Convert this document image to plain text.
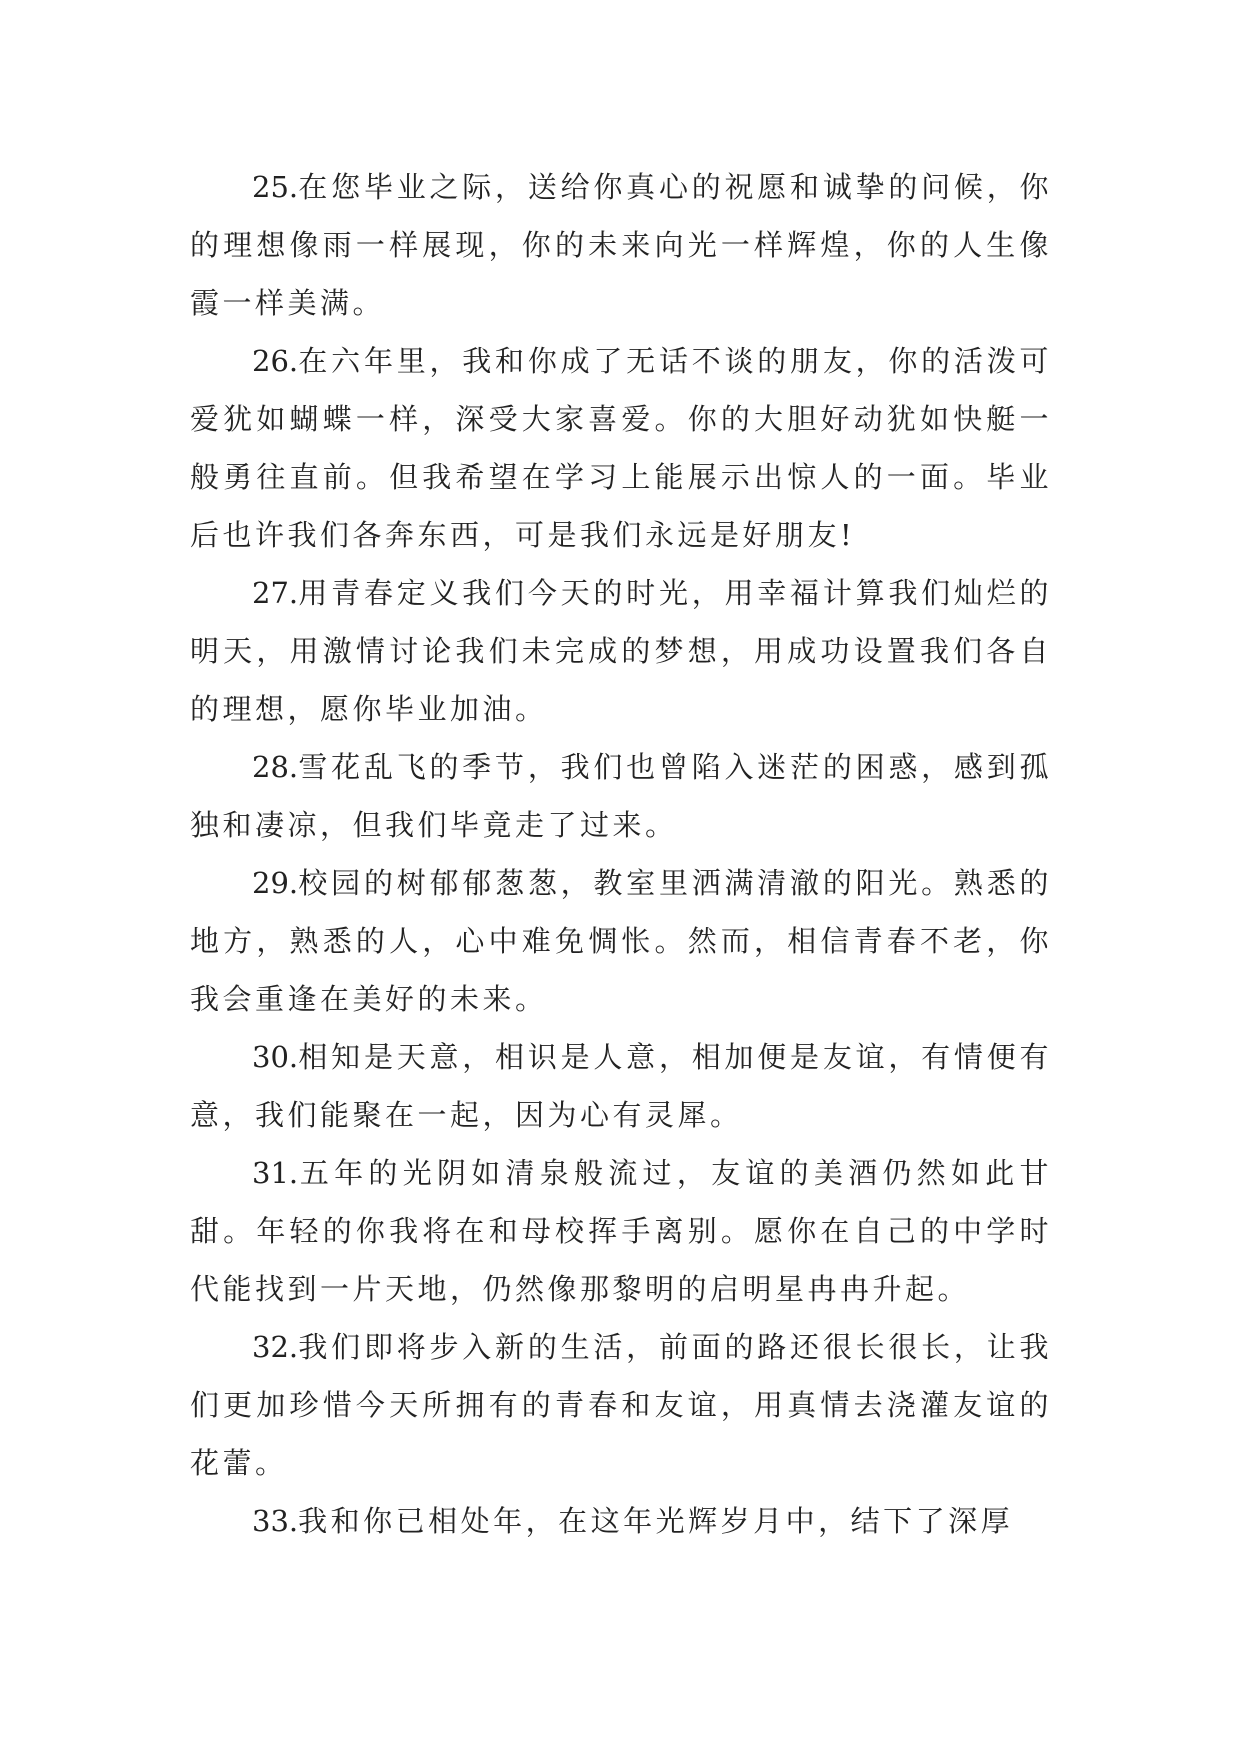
25.在您毕业之际，送给你真心的祝愿和诚挚的问候，你的理想像雨一样展现，你的未来向光一样辉煌，你的人生像霞一样美满。

26.在六年里，我和你成了无话不谈的朋友，你的活泼可爱犹如蝴蝶一样，深受大家喜爱。你的大胆好动犹如快艇一般勇往直前。但我希望在学习上能展示出惊人的一面。毕业后也许我们各奔东西，可是我们永远是好朋友!

27.用青春定义我们今天的时光，用幸福计算我们灿烂的明天，用激情讨论我们未完成的梦想，用成功设置我们各自的理想，愿你毕业加油。

28.雪花乱飞的季节，我们也曾陷入迷茫的困惑，感到孤独和凄凉，但我们毕竟走了过来。

29.校园的树郁郁葱葱，教室里洒满清澈的阳光。熟悉的地方，熟悉的人，心中难免惆怅。然而，相信青春不老，你我会重逢在美好的未来。

30.相知是天意，相识是人意，相加便是友谊，有情便有意，我们能聚在一起，因为心有灵犀。

31.五年的光阴如清泉般流过，友谊的美酒仍然如此甘甜。年轻的你我将在和母校挥手离别。愿你在自己的中学时代能找到一片天地，仍然像那黎明的启明星冉冉升起。

32.我们即将步入新的生活，前面的路还很长很长，让我们更加珍惜今天所拥有的青春和友谊，用真情去浇灌友谊的花蕾。

33.我和你已相处年，在这年光辉岁月中，结下了深厚
